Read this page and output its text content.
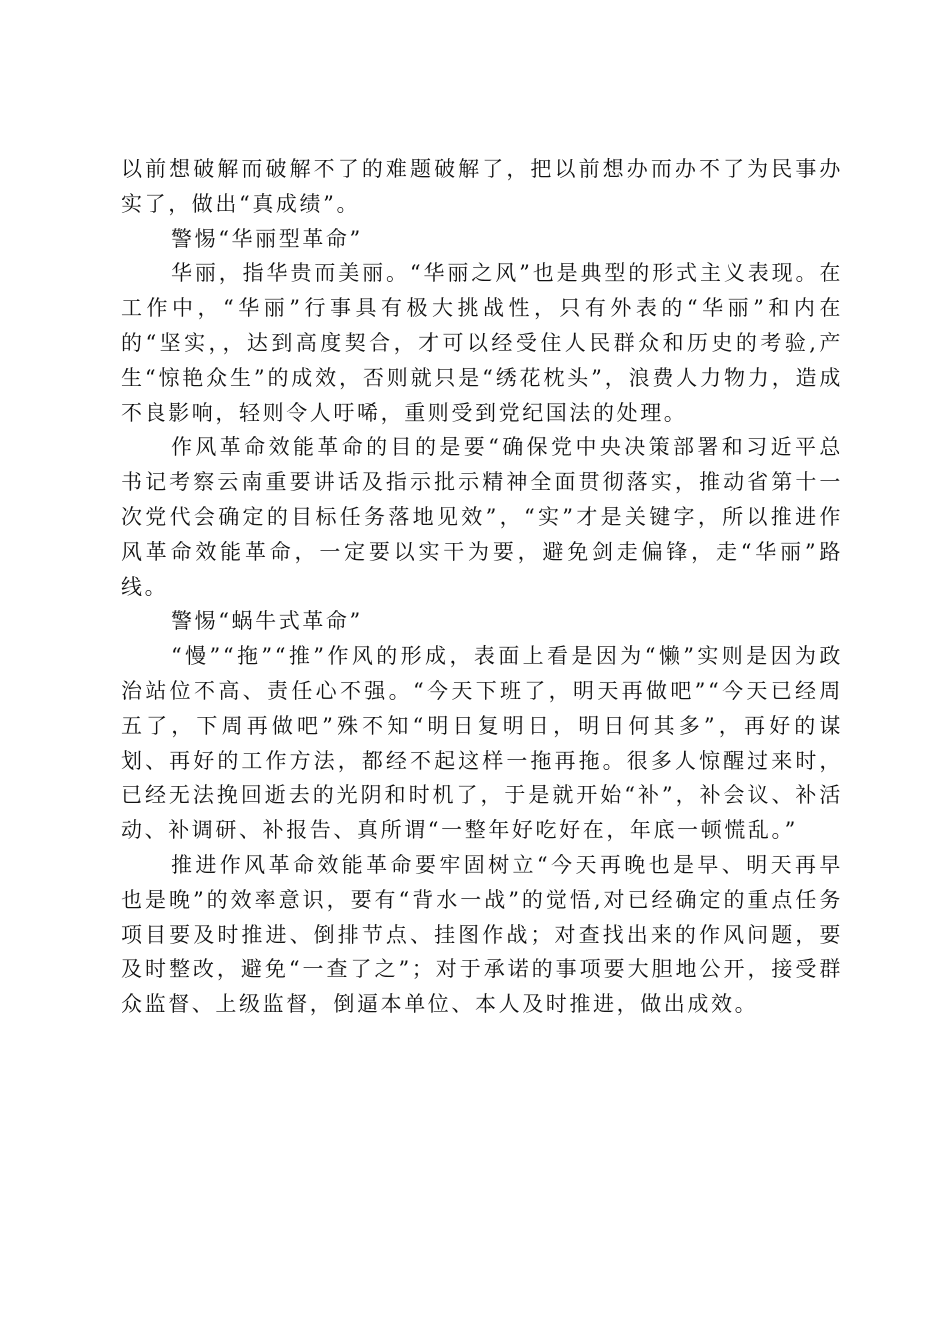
以前想破解而破解不了的难题破解了，把以前想办而办不了为民事办实了，做出“真成绩”。

警惕“华丽型革命”

华丽，指华贵而美丽。“华丽之风”也是典型的形式主义表现。在工作中，“华丽”行事具有极大挑战性，只有外表的“华丽”和内在的“坚实，，达到高度契合，才可以经受住人民群众和历史的考验,产生“惊艳众生”的成效，否则就只是“绣花枕头”，浪费人力物力，造成不良影响，轻则令人吁唏，重则受到党纪国法的处理。

作风革命效能革命的目的是要“确保党中央决策部署和习近平总书记考察云南重要讲话及指示批示精神全面贯彻落实，推动省第十一次党代会确定的目标任务落地见效”，“实”才是关键字，所以推进作风革命效能革命，一定要以实干为要，避免剑走偏锋，走“华丽”路线。

警惕“蜗牛式革命”

“慢”“拖”“推”作风的形成，表面上看是因为“懒”实则是因为政治站位不高、责任心不强。“今天下班了，明天再做吧”“今天已经周五了，下周再做吧”殊不知“明日复明日，明日何其多”，再好的谋划、再好的工作方法，都经不起这样一拖再拖。很多人惊醒过来时，已经无法挽回逝去的光阴和时机了，于是就开始“补”，补会议、补活动、补调研、补报告、真所谓“一整年好吃好在，年底一顿慌乱。”

推进作风革命效能革命要牢固树立“今天再晚也是早、明天再早也是晚”的效率意识，要有“背水一战”的觉悟,对已经确定的重点任务项目要及时推进、倒排节点、挂图作战；对查找出来的作风问题，要及时整改，避免“一查了之”；对于承诺的事项要大胆地公开，接受群众监督、上级监督，倒逼本单位、本人及时推进，做出成效。
